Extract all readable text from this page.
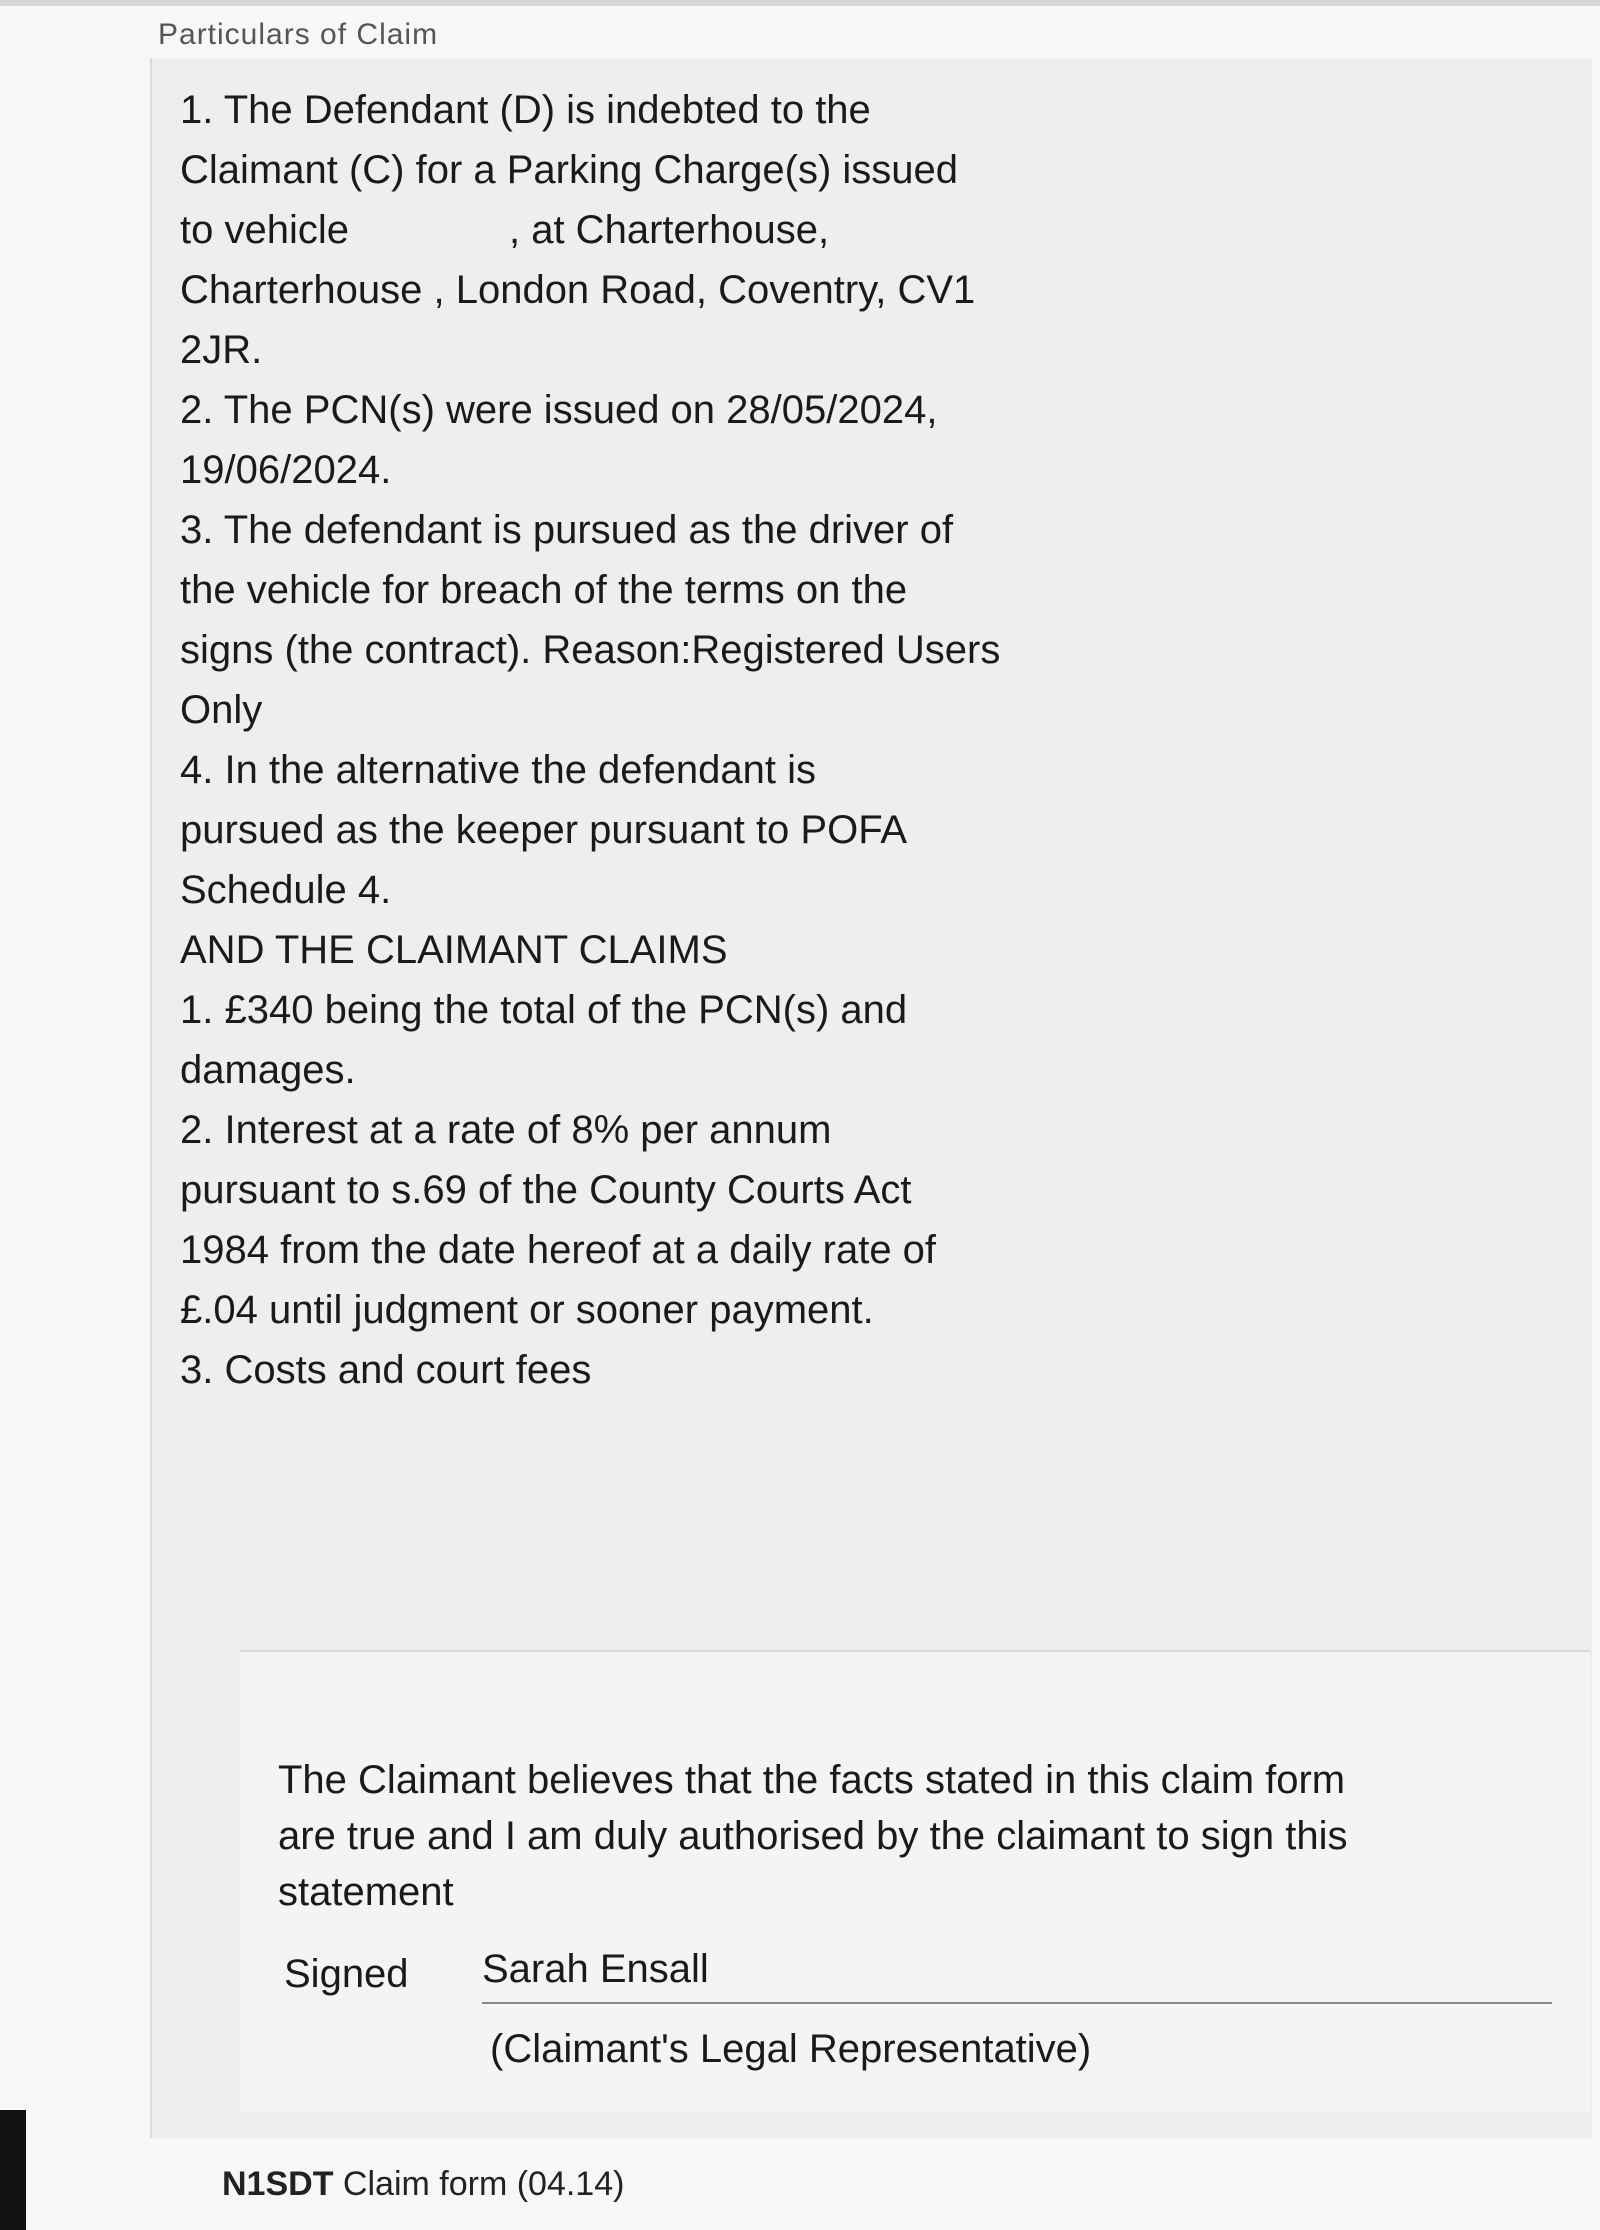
Particulars of Claim
1. The Defendant (D) is indebted to the
Claimant (C) for a Parking Charge(s) issued
to vehicle	, at Charterhouse,
Charterhouse , London Road, Coventry, CV1
2JR.
2. The PCN(s) were issued on 28/05/2024,
19/06/2024.
3. The defendant is pursued as the driver of
the vehicle for breach of the terms on the
signs (the contract). Reason:Registered Users
Only
4. In the alternative the defendant is
pursued as the keeper pursuant to POFA
Schedule 4.
AND THE CLAIMANT CLAIMS
1. £340 being the total of the PCN(s) and
damages.
2. Interest at a rate of 8% per annum
pursuant to s.69 of the County Courts Act
1984 from the date hereof at a daily rate of
£.04 until judgment or sooner payment.
3. Costs and court fees
The Claimant believes that the facts stated in this claim form
are true and I am duly authorised by the claimant to sign this
statement
Signed Sarah Ensall
(Claimant's Legal Representative)
N1SDT Claim form (04.14)
